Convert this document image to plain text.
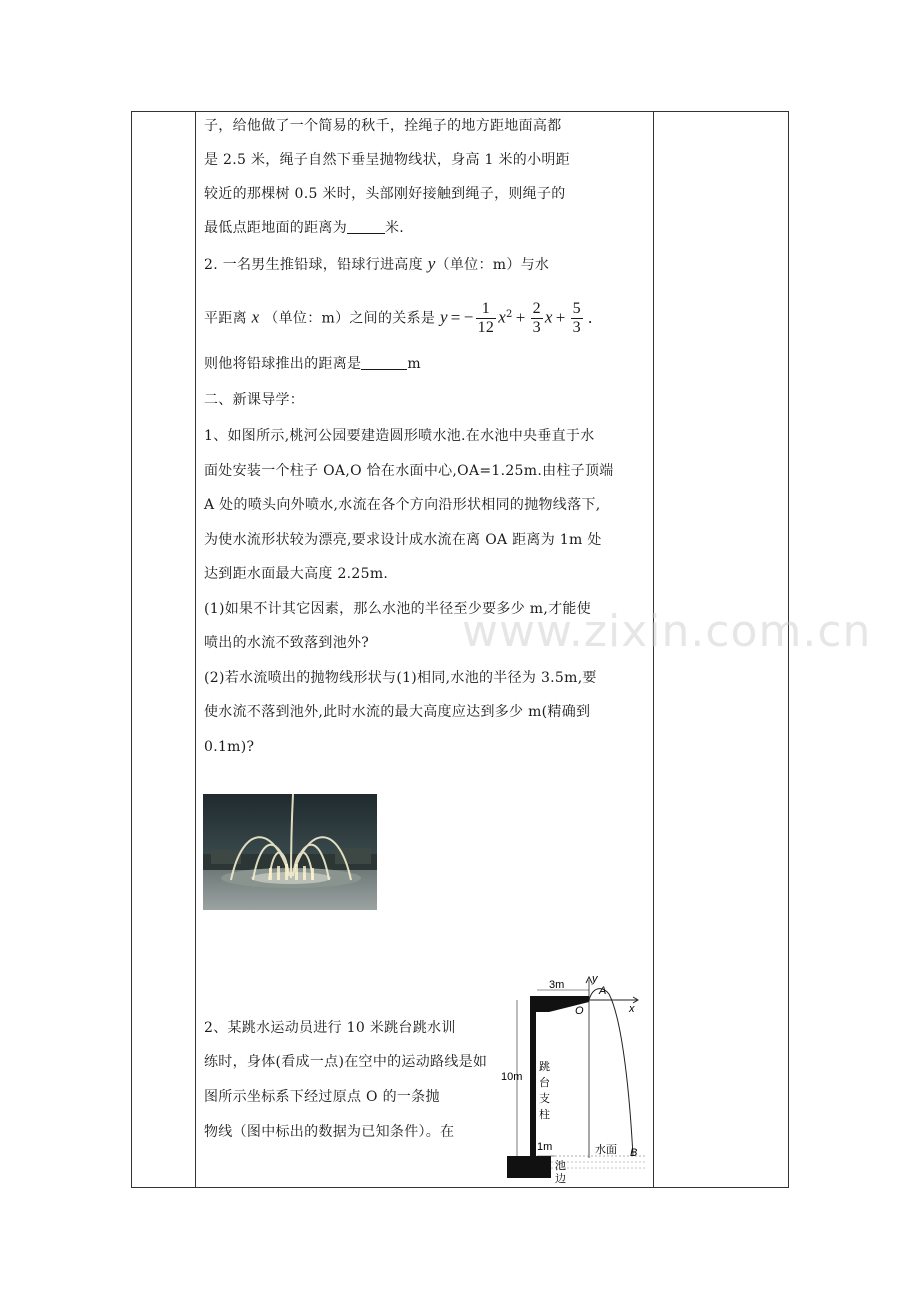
子，给他做了一个简易的秋千，拴绳子的地方距地面高都
是 2.5 米，绳子自然下垂呈抛物线状，身高 1 米的小明距
较近的那棵树 0.5 米时，头部刚好接触到绳子，则绳子的
最低点距地面的距离为	米.
2. 一名男生推铅球，铅球行进高度 y（单位：m）与水
平距离 x （单位：m）之间的关系是 y = − $\frac{1}{12} x^2 + \frac{2}{3}$ $x + \frac{5}{3}$ .
则他将铅球推出的距离是	m
二、新课导学：
1、如图所示,桃河公园要建造圆形喷水池.在水池中央垂直于水
面处安装一个柱子 OA,O 恰在水面中心,OA=1.25m.由柱子顶端
A 处的喷头向外喷水,水流在各个方向沿形状相同的抛物线落下,
为使水流形状较为漂亮,要求设计成水流在离 OA 距离为 1m 处
达到距水面最大高度 2.25m.
(1)如果不计其它因素，那么水池的半径至少要多少 m,才能使
喷出的水流不致落到池外?
(2)若水流喷出的抛物线形状与(1)相同,水池的半径为 3.5m,要
使水流不落到池外,此时水流的最大高度应达到多少 m(精确到
0.1m)?
2、某跳水运动员进行 10 米跳台跳水训
练时，身体(看成一点)在空中的运动路线是如
图所示坐标系下经过原点 O 的一条抛
物线（图中标出的数据为已知条件）。在
3m	y
A
O	x
10m
跳
台
支
柱
1m	水面 B
池
边
www.zixin.com.cn
